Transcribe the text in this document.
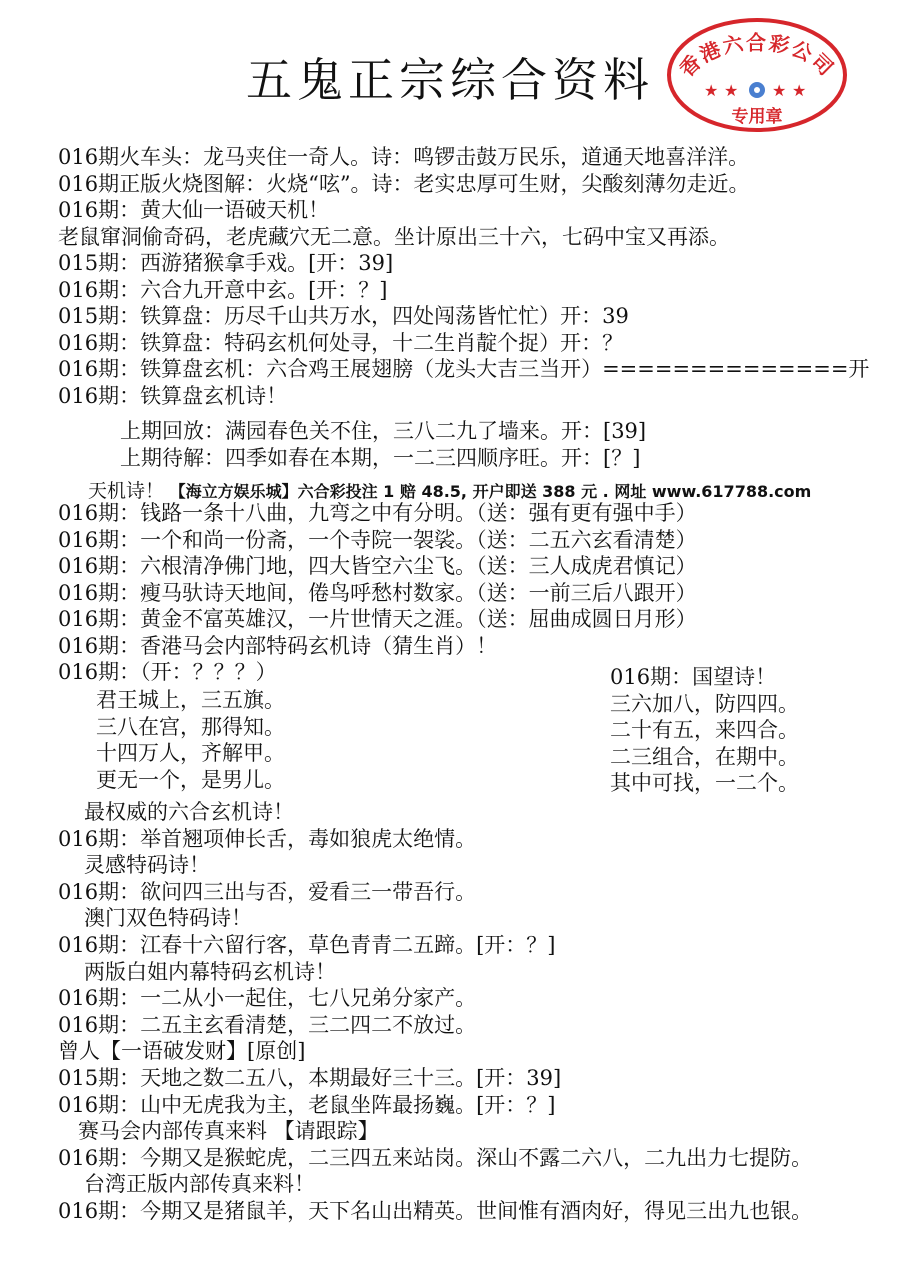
五鬼正宗综合资料	香港六合彩公司
★ ★ ★ ★
专用章
016期火车头：龙马夹住一奇人。诗：鸣锣击鼓万民乐，道通天地喜洋洋。
016期正版火烧图解：火烧“呟”。诗：老实忠厚可生财，尖酸刻薄勿走近。
016期：黄大仙一语破天机！
老鼠窜洞偷奇码，老虎藏穴无二意。坐计原出三十六，七码中宝又再添。
015期：西游猪猴拿手戏。[开：39]
016期：六合九开意中玄。[开：？]
015期：铁算盘：历尽千山共万水，四处闯荡皆忙忙）开：39
016期：铁算盘：特码玄机何处寻，十二生肖靛个捉）开：？
016期：铁算盘玄机：六合鸡王展翅膀（龙头大吉三当开）==============开
016期：铁算盘玄机诗！
上期回放：满园春色关不住，三八二九了墙来。开：[39]
上期待解：四季如春在本期，一二三四顺序旺。开：[？]
天机诗！ 【海立方娱乐城】六合彩投注 1 赔 48.5, 开户即送 388 元 . 网址 www.617788.com
016期：钱路一条十八曲，九弯之中有分明。（送：强有更有强中手）
016期：一个和尚一份斋，一个寺院一袈裟。（送：二五六玄看清楚）
016期：六根清净佛门地，四大皆空六尘飞。（送：三人成虎君慎记）
016期：瘦马驮诗天地间，倦鸟呼愁村数家。（送：一前三后八跟开）
016期：黄金不富英雄汉，一片世情天之涯。（送：屈曲成圆日月形）
016期：香港马会内部特码玄机诗（猜生肖）！
016期：（开：？？？）
君王城上，三五旗。
三八在宫，那得知。
十四万人，齐解甲。
更无一个，是男儿。
016期：国望诗！
三六加八，防四四。
二十有五，来四合。
二三组合，在期中。
其中可找，一二个。
最权威的六合玄机诗！
016期：举首翘项伸长舌，毒如狼虎太绝情。
灵感特码诗！
016期：欲问四三出与否，爱看三一带吾行。
澳门双色特码诗！
016期：江春十六留行客，草色青青二五蹄。[开：？]
两版白姐内幕特码玄机诗！
016期：一二从小一起住，七八兄弟分家产。
016期：二五主玄看清楚，三二四二不放过。
曾人【一语破发财】[原创]
015期：天地之数二五八，本期最好三十三。[开：39]
016期：山中无虎我为主，老鼠坐阵最扬巍。[开：？]
赛马会内部传真来料 【请跟踪】
016期：今期又是猴蛇虎，二三四五来站岗。深山不露二六八，二九出力七提防。
台湾正版内部传真来料！
016期：今期又是猪鼠羊，天下名山出精英。世间惟有酒肉好，得见三出九也银。
